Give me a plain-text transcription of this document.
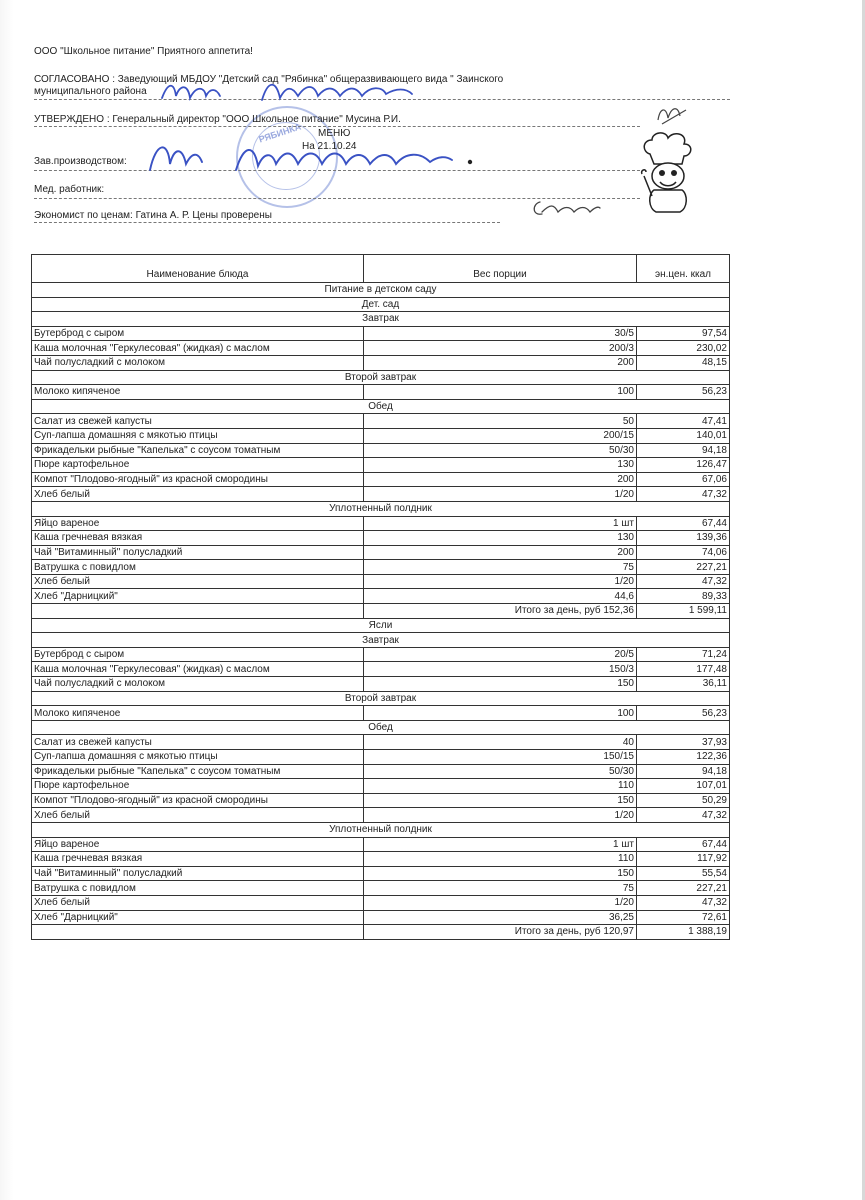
ООО "Школьное питание" Приятного аппетита!
СОГЛАСОВАНО : Заведующий МБДОУ "Детский сад "Рябинка" общеразвивающего вида " Заинского
муниципального района
УТВЕРЖДЕНО : Генеральный директор "ООО Школьное питание" Мусина Р.И.
МЕНЮ
На 21.10.24
Зав.производством:
Мед. работник:
Экономист по ценам: Гатина А. Р. Цены проверены
РЯБИНКА
Наименование блюда	Вес порции	эн.цен. ккал
Питание в детском саду		
Дет. сад		
Завтрак		
Бутерброд с сыром	30/5	97,54
Каша молочная "Геркулесовая" (жидкая) с маслом	200/3	230,02
Чай полусладкий с молоком	200	48,15
Второй завтрак		
Молоко кипяченое	100	56,23
Обед		
Салат из свежей капусты	50	47,41
Суп-лапша домашняя с мякотью птицы	200/15	140,01
Фрикадельки рыбные "Капелька" с соусом томатным	50/30	94,18
Пюре картофельное	130	126,47
Компот "Плодово-ягодный" из красной смородины	200	67,06
Хлеб белый	1/20	47,32
Уплотненный полдник		
Яйцо вареное	1 шт	67,44
Каша гречневая вязкая	130	139,36
Чай "Витаминный" полусладкий	200	74,06
Ватрушка с повидлом	75	227,21
Хлеб белый	1/20	47,32
Хлеб "Дарницкий"	44,6	89,33
	Итого за день, руб 152,36	1 599,11
Ясли		
Завтрак		
Бутерброд с сыром	20/5	71,24
Каша молочная "Геркулесовая" (жидкая) с маслом	150/3	177,48
Чай полусладкий с молоком	150	36,11
Второй завтрак		
Молоко кипяченое	100	56,23
Обед		
Салат из свежей капусты	40	37,93
Суп-лапша домашняя с мякотью птицы	150/15	122,36
Фрикадельки рыбные "Капелька" с соусом томатным	50/30	94,18
Пюре картофельное	110	107,01
Компот "Плодово-ягодный" из красной смородины	150	50,29
Хлеб белый	1/20	47,32
Уплотненный полдник		
Яйцо вареное	1 шт	67,44
Каша гречневая вязкая	110	117,92
Чай "Витаминный" полусладкий	150	55,54
Ватрушка с повидлом	75	227,21
Хлеб белый	1/20	47,32
Хлеб "Дарницкий"	36,25	72,61
	Итого за день, руб 120,97	1 388,19
